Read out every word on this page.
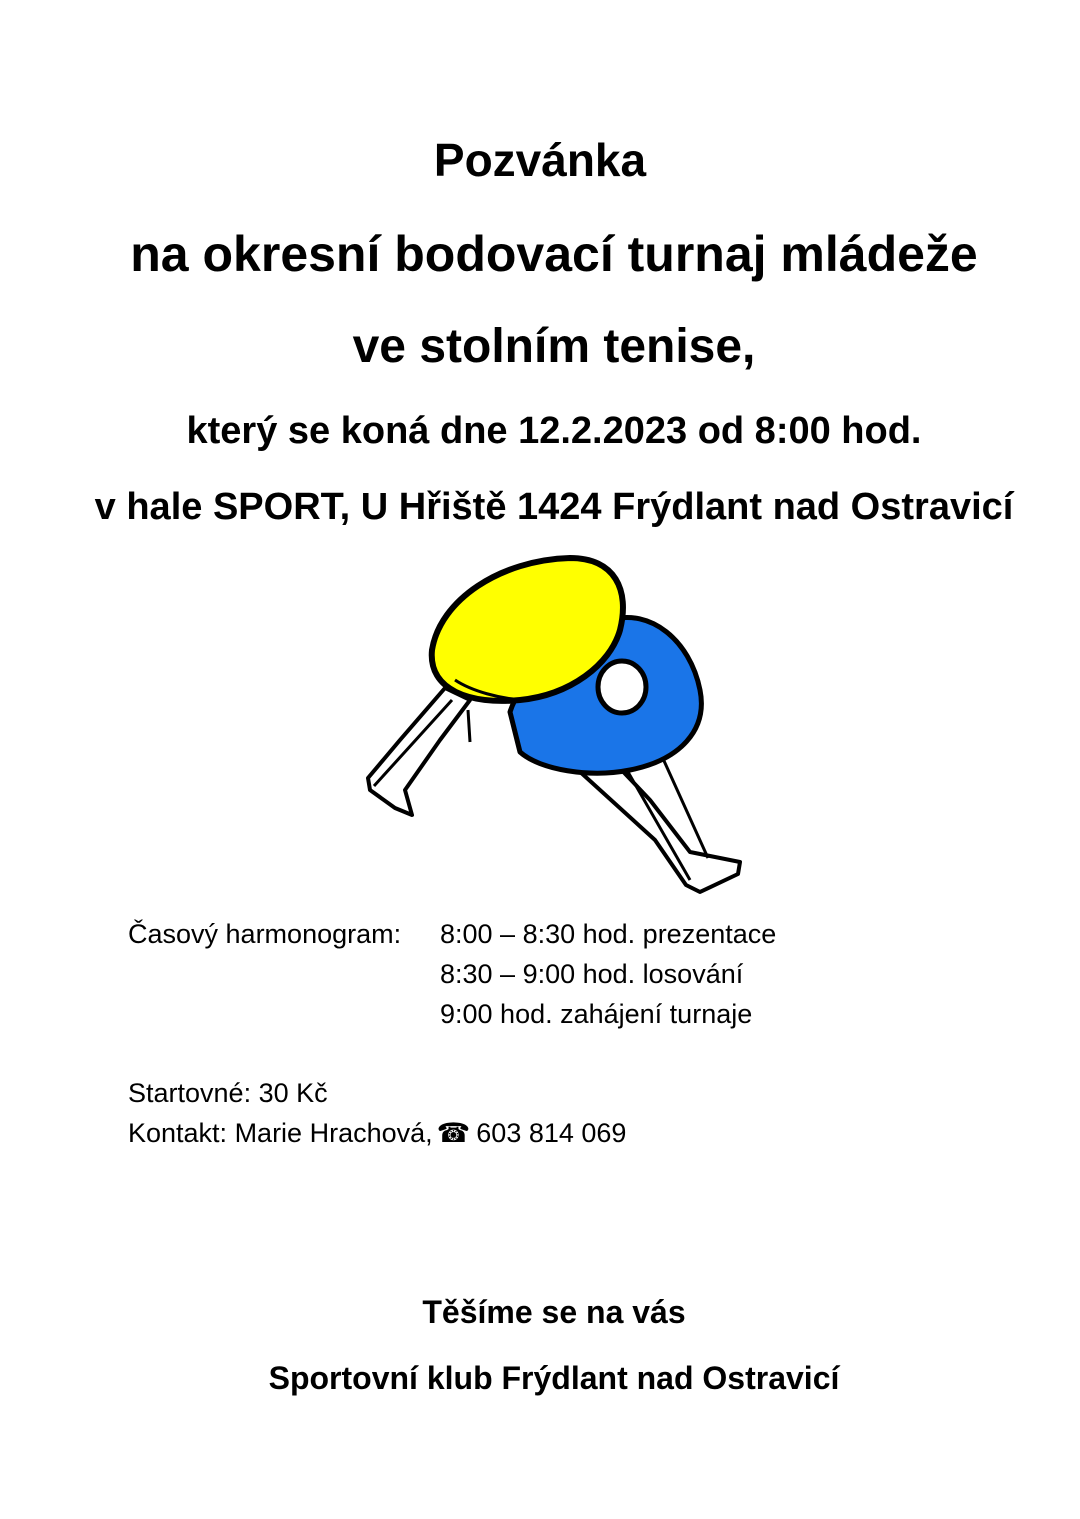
Pozvánka
na okresní bodovací turnaj mládeže
ve stolním tenise,
který se koná dne 12.2.2023 od 8:00 hod.
v hale SPORT, U Hřiště 1424 Frýdlant nad Ostravicí
Časový harmonogram: 8:00 – 8:30 hod. prezentace
8:30 – 9:00 hod. losování
9:00 hod. zahájení turnaje
Startovné: 30 Kč
Kontakt: Marie Hrachová, ☎ 603 814 069
Těšíme se na vás
Sportovní klub Frýdlant nad Ostravicí
